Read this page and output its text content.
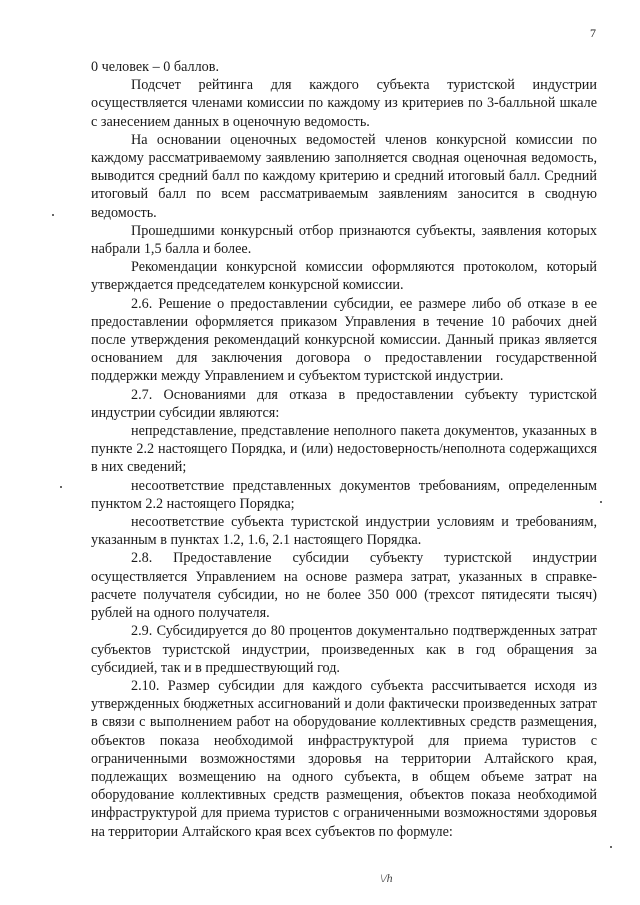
7

0 человек – 0 баллов.

Подсчет рейтинга для каждого субъекта туристской индустрии осуществляется членами комиссии по каждому из критериев по 3-балльной шкале с занесением данных в оценочную ведомость.

На основании оценочных ведомостей членов конкурсной комиссии по каждому рассматриваемому заявлению заполняется сводная оценочная ведомость, выводится средний балл по каждому критерию и средний итоговый балл. Средний итоговый балл по всем рассматриваемым заявлениям заносится в сводную ведомость.

Прошедшими конкурсный отбор признаются субъекты, заявления которых набрали 1,5 балла и более.

Рекомендации конкурсной комиссии оформляются протоколом, который утверждается председателем конкурсной комиссии.

2.6. Решение о предоставлении субсидии, ее размере либо об отказе в ее предоставлении оформляется приказом Управления в течение 10 рабочих дней после утверждения рекомендаций конкурсной комиссии. Данный приказ является основанием для заключения договора о предоставлении государственной поддержки между Управлением и субъектом туристской индустрии.

2.7. Основаниями для отказа в предоставлении субъекту туристской индустрии субсидии являются:

непредставление, представление неполного пакета документов, указанных в пункте 2.2 настоящего Порядка, и (или) недостоверность/неполнота содержащихся в них сведений;

несоответствие представленных документов требованиям, определенным пунктом 2.2 настоящего Порядка;

несоответствие субъекта туристской индустрии условиям и требованиям, указанным в пунктах 1.2, 1.6, 2.1 настоящего Порядка.

2.8. Предоставление субсидии субъекту туристской индустрии осуществляется Управлением на основе размера затрат, указанных в справке-расчете получателя субсидии, но не более 350 000 (трехсот пятидесяти тысяч) рублей на одного получателя.

2.9. Субсидируется до 80 процентов документально подтвержденных затрат субъектов туристской индустрии, произведенных как в год обращения за субсидией, так и в предшествующий год.

2.10. Размер субсидии для каждого субъекта рассчитывается исходя из утвержденных бюджетных ассигнований и доли фактически произведенных затрат в связи с выполнением работ на оборудование коллективных средств размещения, объектов показа необходимой инфраструктурой для приема туристов с ограниченными возможностями здоровья на территории Алтайского края, подлежащих возмещению на одного субъекта, в общем объеме затрат на оборудование коллективных средств размещения, объектов показа необходимой инфраструктурой для приема туристов с ограниченными возможностями здоровья на территории Алтайского края всех субъектов по формуле:

\/h
